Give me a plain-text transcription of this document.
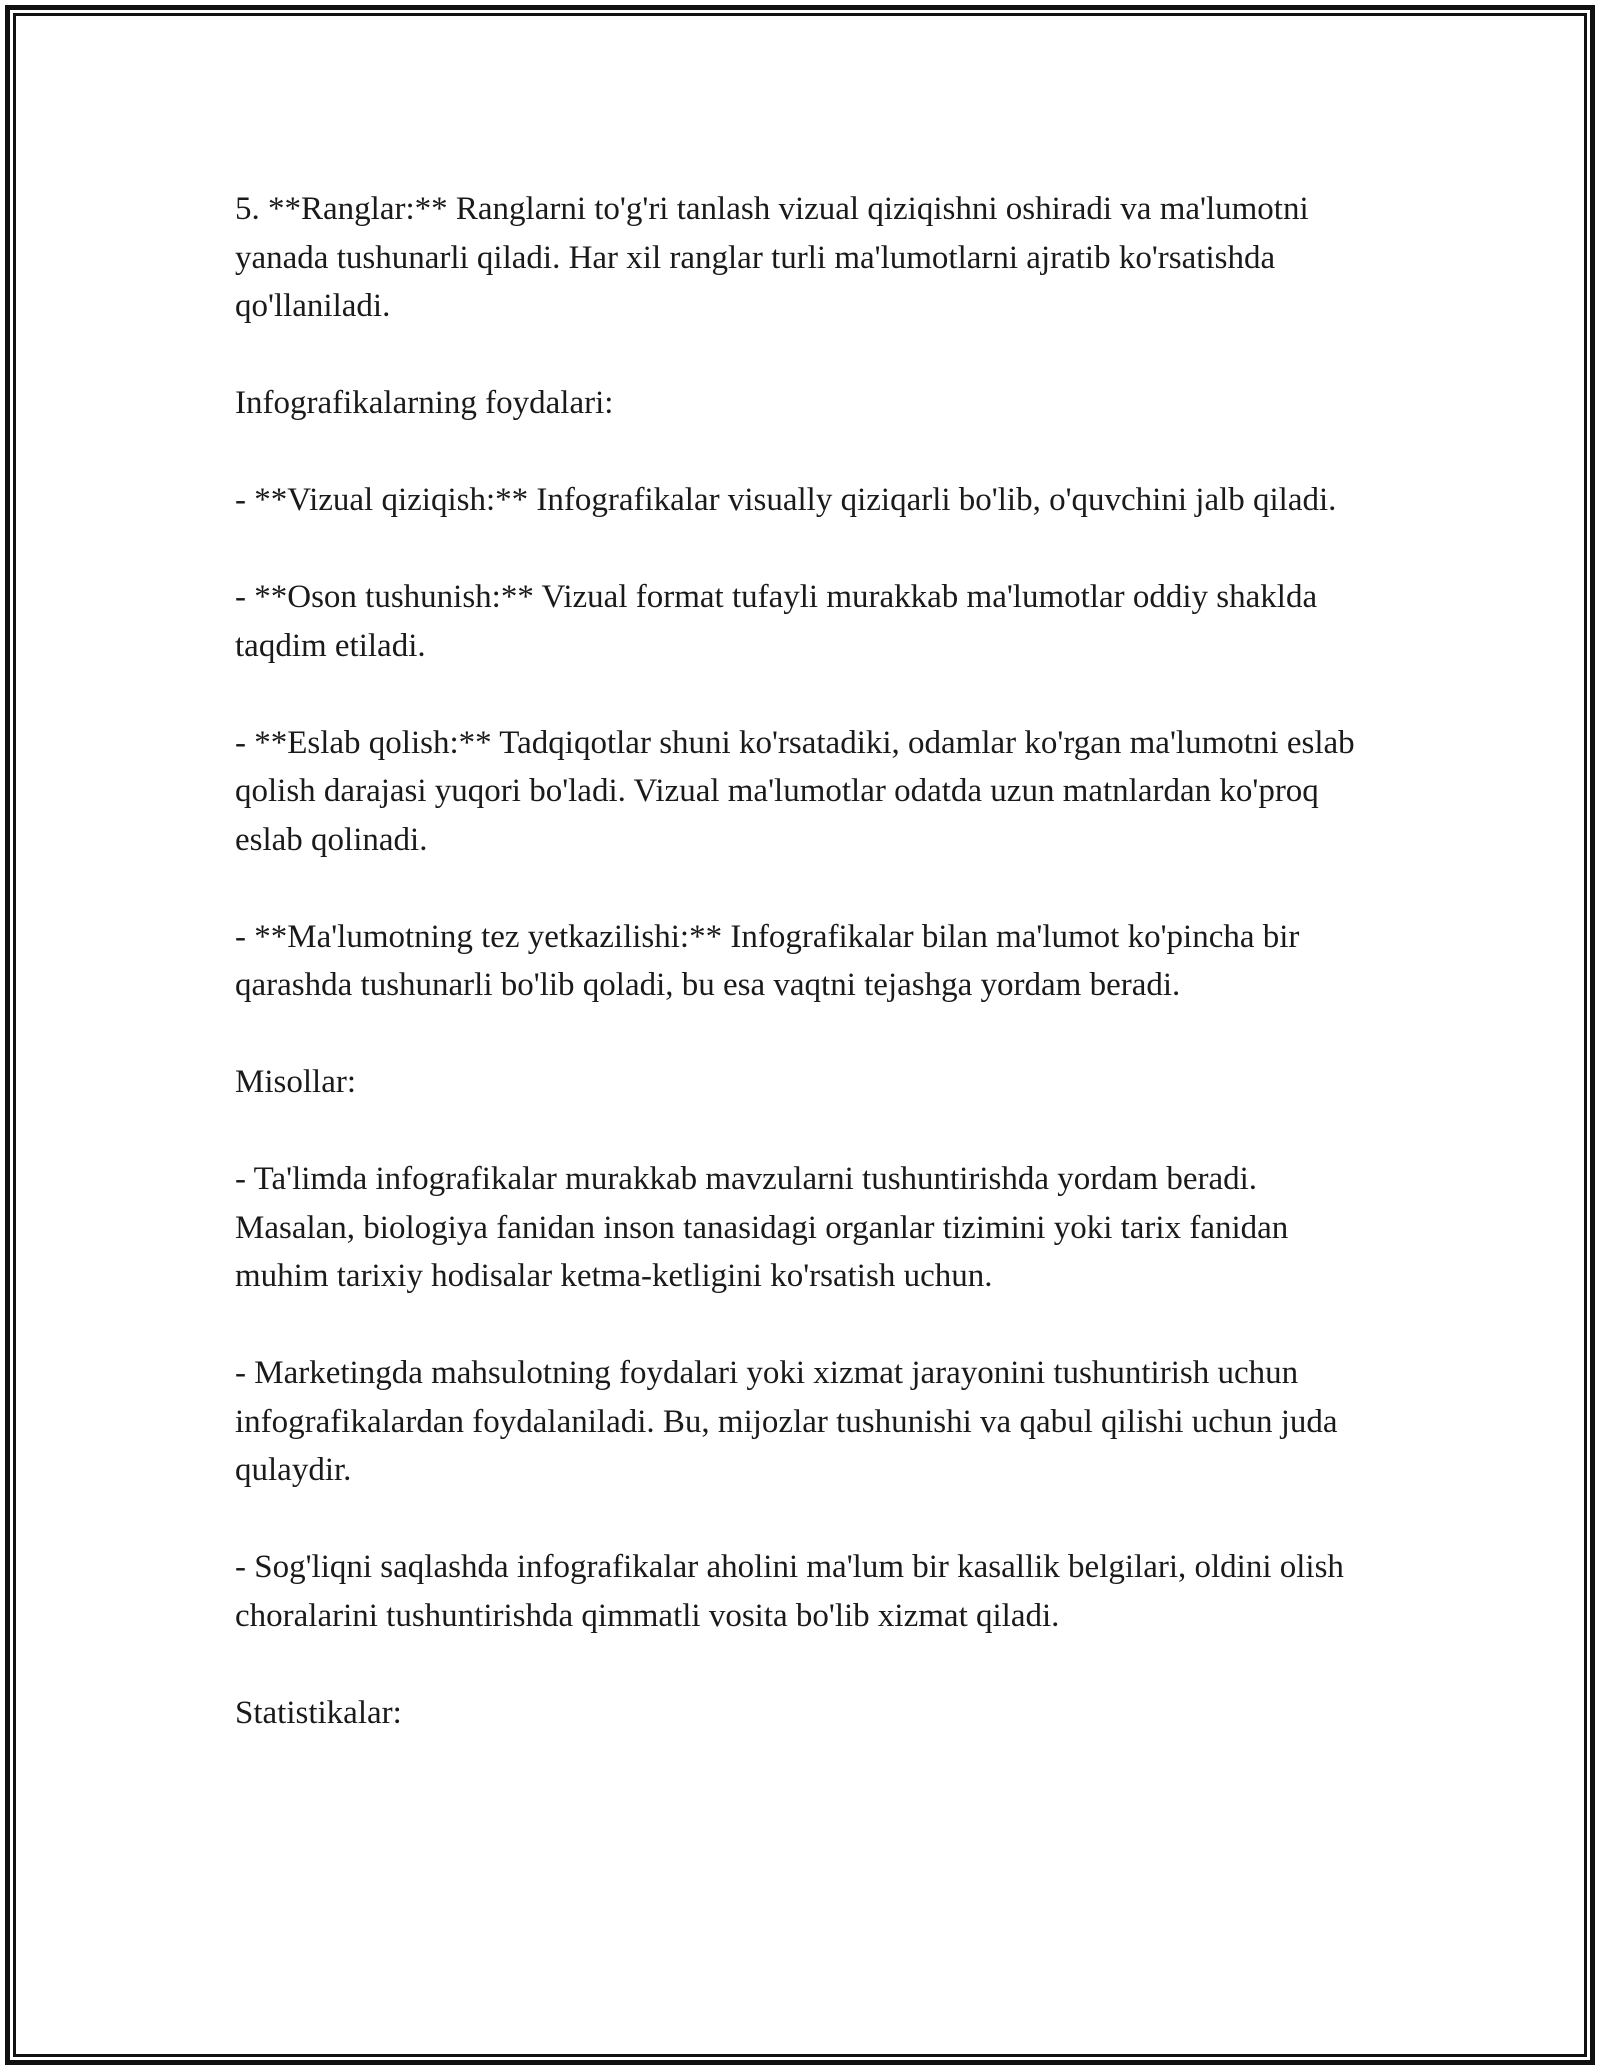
5. **Ranglar:** Ranglarni to'g'ri tanlash vizual qiziqishni oshiradi va ma'lumotni yanada tushunarli qiladi. Har xil ranglar turli ma'lumotlarni ajratib ko'rsatishda qo'llaniladi.

Infografikalarning foydalari:

- **Vizual qiziqish:** Infografikalar visually qiziqarli bo'lib, o'quvchini jalb qiladi.

- **Oson tushunish:** Vizual format tufayli murakkab ma'lumotlar oddiy shaklda taqdim etiladi.

- **Eslab qolish:** Tadqiqotlar shuni ko'rsatadiki, odamlar ko'rgan ma'lumotni eslab qolish darajasi yuqori bo'ladi. Vizual ma'lumotlar odatda uzun matnlardan ko'proq eslab qolinadi.

- **Ma'lumotning tez yetkazilishi:** Infografikalar bilan ma'lumot ko'pincha bir qarashda tushunarli bo'lib qoladi, bu esa vaqtni tejashga yordam beradi.

Misollar:

- Ta'limda infografikalar murakkab mavzularni tushuntirishda yordam beradi. Masalan, biologiya fanidan inson tanasidagi organlar tizimini yoki tarix fanidan muhim tarixiy hodisalar ketma-ketligini ko'rsatish uchun.

- Marketingda mahsulotning foydalari yoki xizmat jarayonini tushuntirish uchun infografikalardan foydalaniladi. Bu, mijozlar tushunishi va qabul qilishi uchun juda qulaydir.

- Sog'liqni saqlashda infografikalar aholini ma'lum bir kasallik belgilari, oldini olish choralarini tushuntirishda qimmatli vosita bo'lib xizmat qiladi.

Statistikalar:
